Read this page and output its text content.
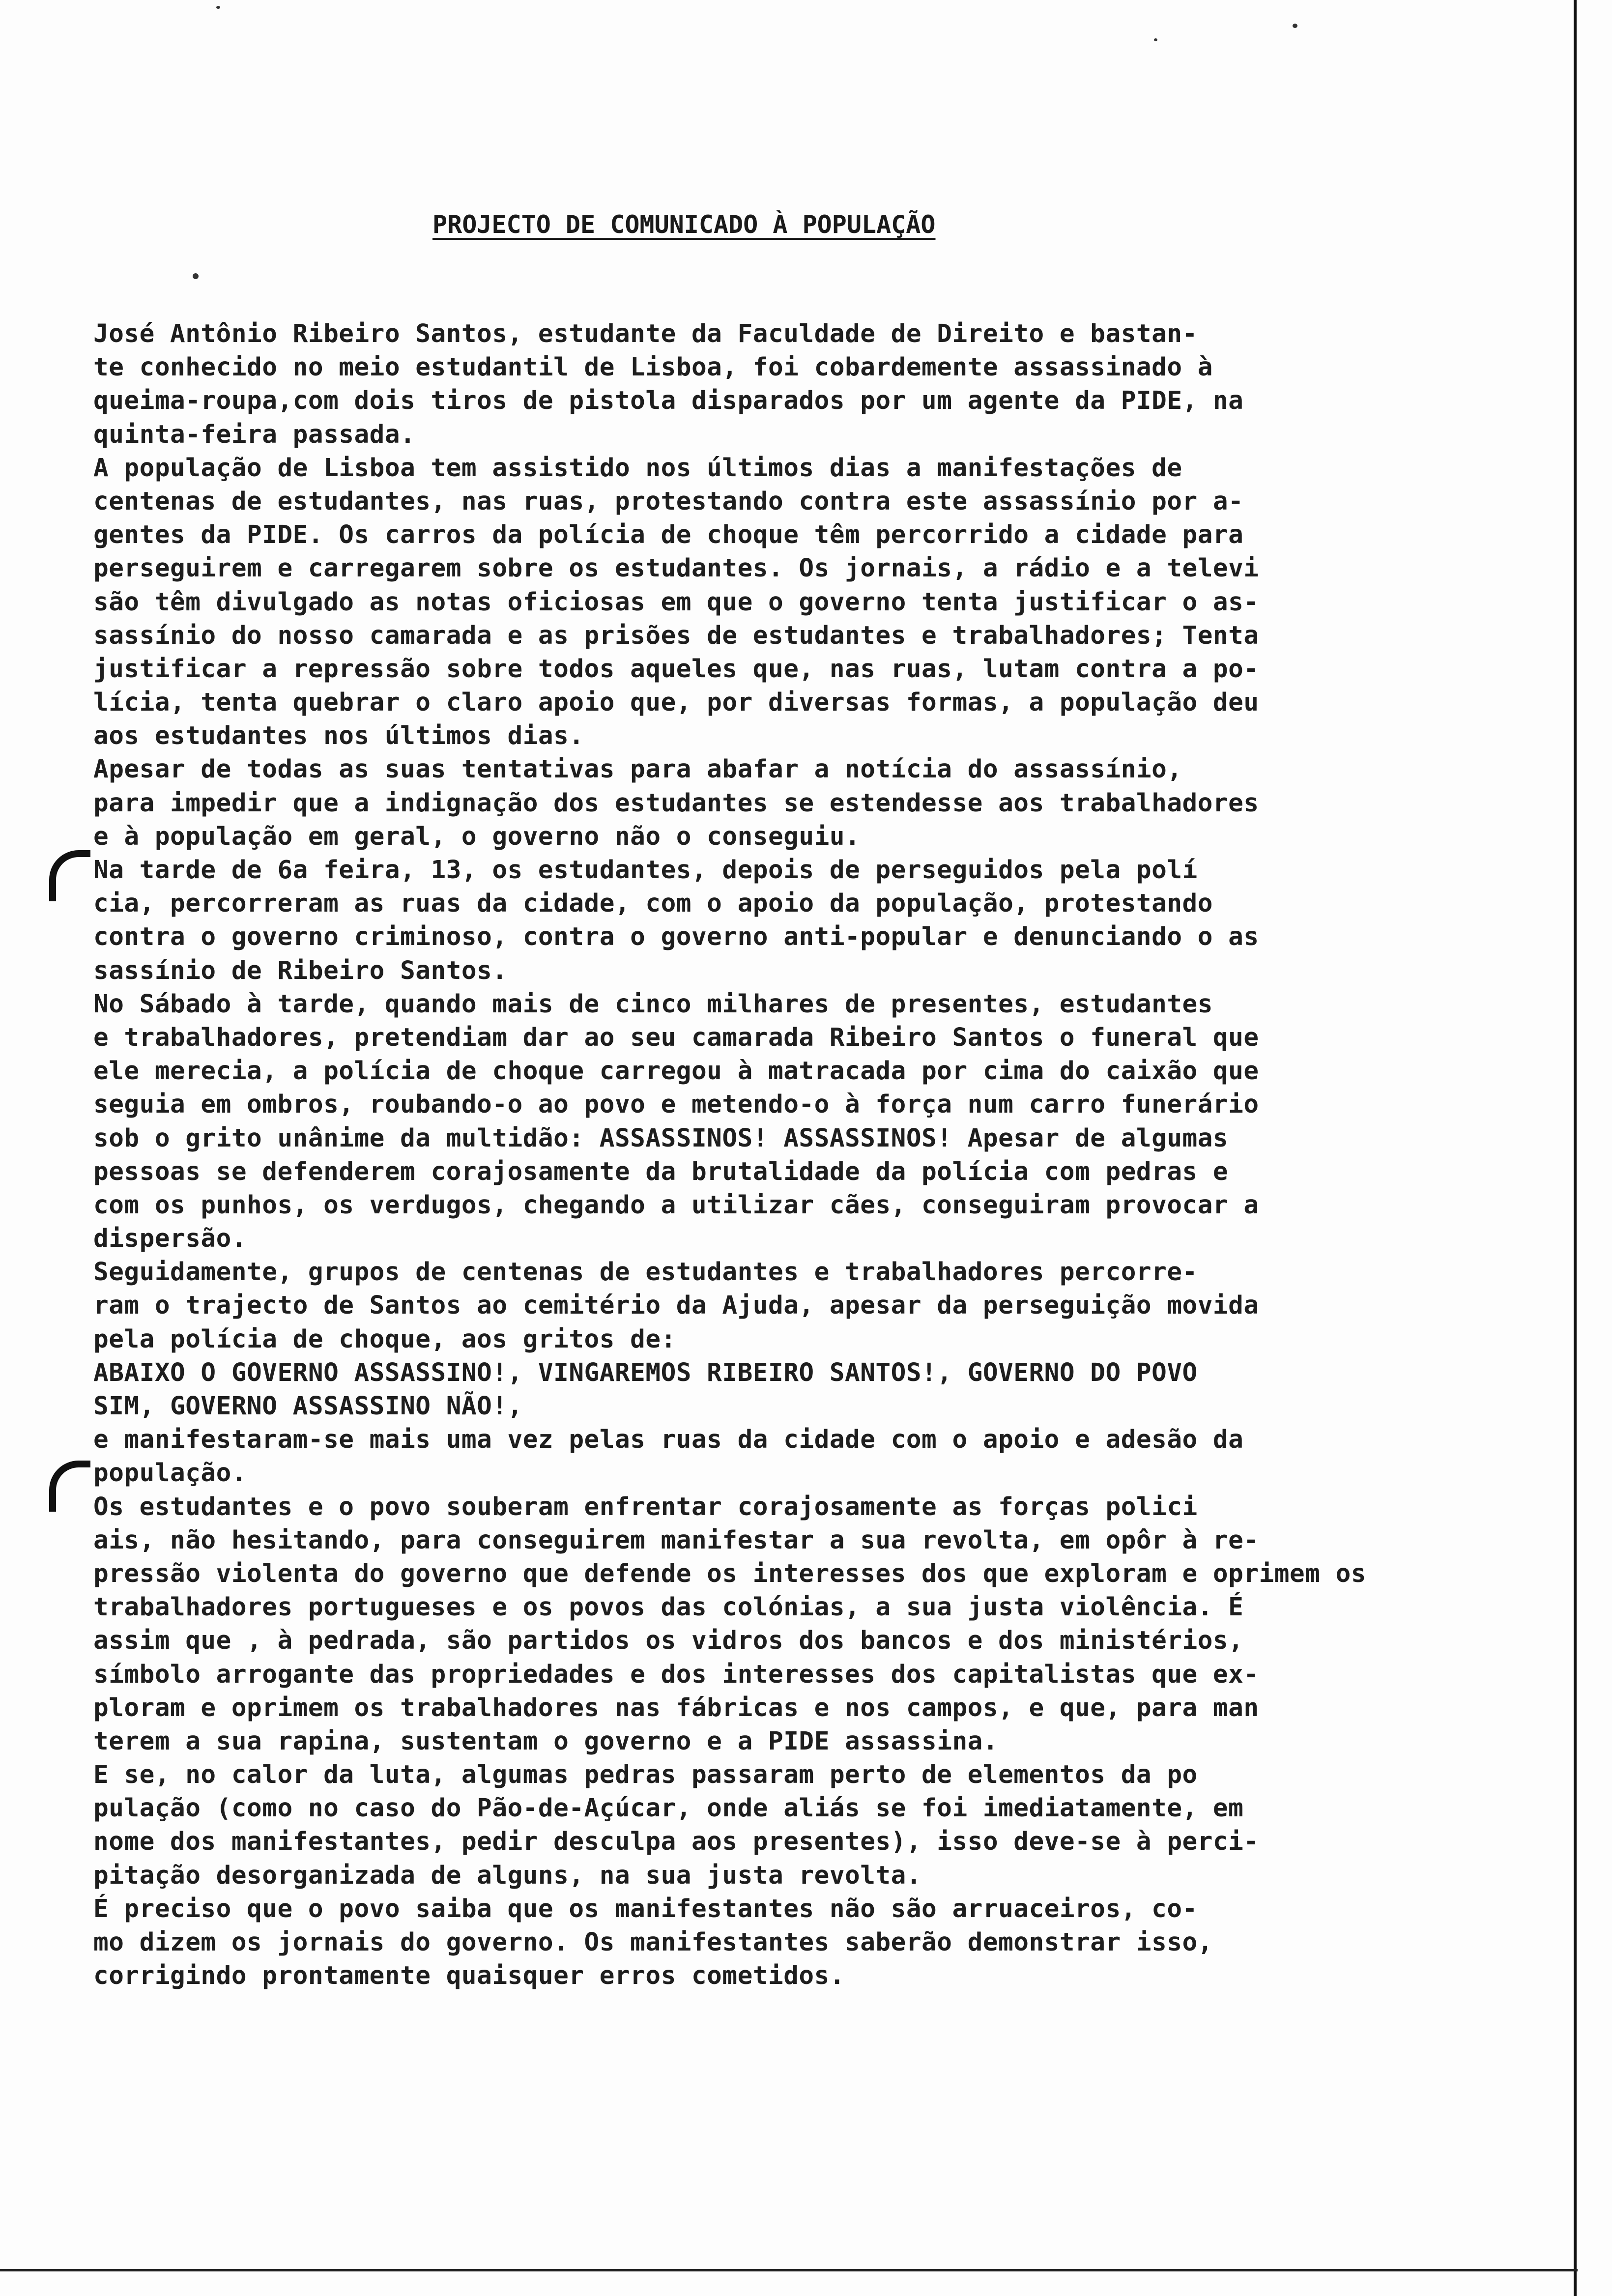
PROJECTO DE COMUNICADO À POPULAÇÃO
José Antônio Ribeiro Santos, estudante da Faculdade de Direito e bastan-
te conhecido no meio estudantil de Lisboa, foi cobardemente assassinado à
queima-roupa,com dois tiros de pistola disparados por um agente da PIDE, na
quinta-feira passada.
A população de Lisboa tem assistido nos últimos dias a manifestações de
centenas de estudantes, nas ruas, protestando contra este assassínio por a-
gentes da PIDE. Os carros da polícia de choque têm percorrido a cidade para
perseguirem e carregarem sobre os estudantes. Os jornais, a rádio e a televi
são têm divulgado as notas oficiosas em que o governo tenta justificar o as-
sassínio do nosso camarada e as prisões de estudantes e trabalhadores; Tenta
justificar a repressão sobre todos aqueles que, nas ruas, lutam contra a po-
lícia, tenta quebrar o claro apoio que, por diversas formas, a população deu
aos estudantes nos últimos dias.
Apesar de todas as suas tentativas para abafar a notícia do assassínio,
para impedir que a indignação dos estudantes se estendesse aos trabalhadores
e à população em geral, o governo não o conseguiu.
Na tarde de 6a feira, 13, os estudantes, depois de perseguidos pela polí
cia, percorreram as ruas da cidade, com o apoio da população, protestando
contra o governo criminoso, contra o governo anti-popular e denunciando o as
sassínio de Ribeiro Santos.
No Sábado à tarde, quando mais de cinco milhares de presentes, estudantes
e trabalhadores, pretendiam dar ao seu camarada Ribeiro Santos o funeral que
ele merecia, a polícia de choque carregou à matracada por cima do caixão que
seguia em ombros, roubando-o ao povo e metendo-o à força num carro funerário
sob o grito unânime da multidão: ASSASSINOS! ASSASSINOS! Apesar de algumas
pessoas se defenderem corajosamente da brutalidade da polícia com pedras e
com os punhos, os verdugos, chegando a utilizar cães, conseguiram provocar a
dispersão.
Seguidamente, grupos de centenas de estudantes e trabalhadores percorre-
ram o trajecto de Santos ao cemitério da Ajuda, apesar da perseguição movida
pela polícia de choque, aos gritos de:
ABAIXO O GOVERNO ASSASSINO!, VINGAREMOS RIBEIRO SANTOS!, GOVERNO DO POVO
SIM, GOVERNO ASSASSINO NÃO!,
e manifestaram-se mais uma vez pelas ruas da cidade com o apoio e adesão da
população.
Os estudantes e o povo souberam enfrentar corajosamente as forças polici
ais, não hesitando, para conseguirem manifestar a sua revolta, em opôr à re-
pressão violenta do governo que defende os interesses dos que exploram e oprimem os
trabalhadores portugueses e os povos das colónias, a sua justa violência. É
assim que , à pedrada, são partidos os vidros dos bancos e dos ministérios,
símbolo arrogante das propriedades e dos interesses dos capitalistas que ex-
ploram e oprimem os trabalhadores nas fábricas e nos campos, e que, para man
terem a sua rapina, sustentam o governo e a PIDE assassina.
E se, no calor da luta, algumas pedras passaram perto de elementos da po
pulação (como no caso do Pão-de-Açúcar, onde aliás se foi imediatamente, em
nome dos manifestantes, pedir desculpa aos presentes), isso deve-se à perci-
pitação desorganizada de alguns, na sua justa revolta.
É preciso que o povo saiba que os manifestantes não são arruaceiros, co-
mo dizem os jornais do governo. Os manifestantes saberão demonstrar isso,
corrigindo prontamente quaisquer erros cometidos.
